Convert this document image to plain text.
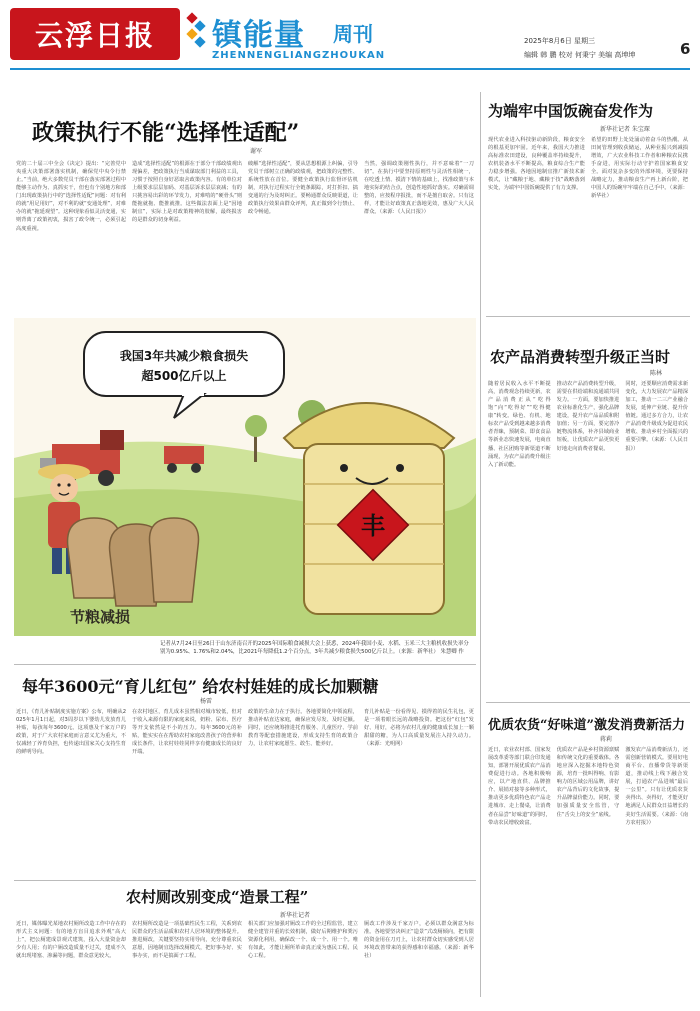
云浮日报 镇能量 周刊
ZHENNENGLIANGZHOUKAN
2025年8月6日 星期三
编辑 韩 鹏 校对 何秉宁 美编 高坤坤	6
政策执行不能“选择性适配”
谢军
党的二十届三中全会《决定》提出：“完善党中央重大决策部署落实机制，确保党中央令行禁止。”当前，绝大多数党员干部在落实部署过程中能够主动作为、真抓实干，但也有个别地方和部门出现政策执行中的“选择性适配”问题：对有利的就“用足用好”，对不利的就“变通处理”，对难办的就“拖延观望”。这种现象看似灵活变通，实则背离了政策初衷，损害了政令统一，必须引起高度重视。
造成“选择性适配”的根源在于部分干部政绩观出现偏差，把政策执行当成谋取部门利益的工具，习惯于按照自身好恶取舍政策内容。有的单位对上级要求层层加码、对基层诉求层层衰减；有的只挑容易出彩的环节发力，对难啃的“硬骨头”则能拖就拖、能推就推。这些做法表面上是“因地制宜”，实际上是对政策精神的肢解，最终损害的是群众的切身利益。
破解“选择性适配”，要从思想根源上纠偏，引导党员干部树立正确的政绩观，把政策的完整性、系统性放在首位。要健全政策执行监督评估机制，对执行过程实行全链条跟踪，对打折扣、搞变通的行为及时纠正。要畅通群众反映渠道，让政策执行效果由群众评判，真正做到令行禁止、政令畅通。
当然，强调政策刚性执行，并不意味着“一刀切”。在执行中要坚持原则性与灵活性相统一，在吃透上情、摸清下情的基础上，找准政策与本地实际的结合点，创造性地抓好落实。对确需调整的，应按程序报批，而不是擅自取舍。只有这样，才能让好政策真正落地见效，惠及广大人民群众。（来源：《人民日报》）
为端牢中国饭碗奋发作为
新华社记者 朱宝琛
现代农业进入科技驱动新阶段，粮食安全的根基更加牢固。近年来，我国大力推进高标准农田建设，良种覆盖率持续提升，农机装备水平不断提高，粮食综合生产能力稳步增强。各地因地制宜推广新技术新模式，让“藏粮于地、藏粮于技”战略落到实处，为端牢中国饭碗提供了有力支撑。
希望的田野上处处涌动着奋斗的热潮。从田间管理到收获储运，从种业振兴到减损增效，广大农业科技工作者和种粮农民携手奋进，用实际行动守护着国家粮食安全。面对复杂多变的外部环境，更要保持战略定力，推动粮食生产再上新台阶，把中国人的饭碗牢牢端在自己手中。（来源：新华社）
农产品消费转型升级正当时
陈林
随着居民收入水平不断提高，消费观念持续更新，农产品消费正从“吃得饱”向“吃得好”“吃得健康”转变。绿色、有机、地标农产品受到越来越多消费者青睐，预制菜、即食食品等新业态快速发展，电商直播、社区团购等新渠道不断涌现，为农产品消费升级注入了新动能。
推动农产品消费转型升级，需要在供给端和流通端共同发力。一方面，要加快推进农业标准化生产，强化品牌建设，提升农产品品质和附加值；另一方面，要完善冷链物流体系，补齐县域商业短板，让优质农产品更快更好地走向消费者餐桌。
同时，还要顺应消费需求新变化，大力发展农产品精深加工，推动一二三产业融合发展，延伸产业链、提升价值链。通过多方合力，让农产品消费升级成为促进农民增收、推动乡村全面振兴的重要引擎。（来源：《人民日报》）
我国3年共减少粮食损失
超500亿斤以上
丰
节粮减损
记者从7月24日至26日于山东济南召开的2025年国际粮食减损大会上获悉，2024年我国小麦、水稻、玉米三大主粮机收损失率分别为0.95%、1.76%和2.04%，比2021年每降低1.2个百分点，3年共减少粮食损失500亿斤以上。（来源：新华社） 朱慧卿 作
每年3600元“育儿红包” 给农村娃娃的成长加颗糖
杨雷
近日，《育儿补贴制度实施方案》公布，明确从2025年1月1日起，对3周岁以下婴幼儿发放育儿补贴，每孩每年3600元。这项惠及千家万户的政策，对于广大农村家庭而言意义尤为重大，不仅减轻了养育负担，也传递出国家关心支持生育的鲜明导向。
在农村地区，育儿成本虽然相对城市较低，但对于收入来源有限的家庭来说，奶粉、尿布、医疗等开支依然是不小的压力。每年3600元的补贴，能实实在在帮助农村家庭改善孩子的营养和成长条件，让农村娃娃同样享有健康成长的良好开端。
政策的生命力在于执行。各地要简化申领流程，推动补贴直达家庭，确保应发尽发、及时足额。同时，还应统筹推进托育服务、儿童医疗、学前教育等配套措施建设，形成支持生育的政策合力，让农村家庭愿生、敢生、能养好。
育儿补贴是一份看得见、摸得着的民生礼包，更是一项着眼长远的战略投资。把这份“红包”发好、用好，必将为农村儿童的健康成长加上一颗甜甜的糖，为人口高质量发展注入持久动力。（来源：光明网）
优质农货“好味道”激发消费新活力
蒋莉
近日，农业农村部、国家发展改革委等部门联合印发通知，部署开展优质农产品消费促进行动。各地积极响应，以产地直供、品牌推介、展销对接等多种形式，推动更多优质特色农产品走进城市、走上餐桌，让消费者在品尝“好味道”的同时，带动农民增收致富。
优质农产品是乡村资源禀赋和传统文化的重要载体。各地应深入挖掘本地特色资源，培育一批叫得响、有影响力的区域公用品牌，讲好农产品背后的文化故事，提升品牌溢价能力。同时，要加强质量安全监管，守住“舌尖上的安全”底线。
激发农产品消费新活力，还需创新营销模式。要用好电商平台、直播带货等新渠道，推动线上线下融合发展，打通农产品进城“最后一公里”。只有让优质农货卖得出、卖得好，才能更好地满足人民群众日益增长的美好生活需要。（来源：《南方农村报》）
农村厕改别变成“造景工程”
新华社记者
近日，媒体曝光某地农村厕所改造工作中存在的形式主义问题：有的地方盲目追求外观“高大上”，把公厕建成景观式建筑，投入大量资金却少有人用；有的户厕改造质量不过关，建成不久就出现堵塞、渗漏等问题，群众意见较大。
农村厕所改造是一项基础性民生工程，关系到农民群众的生活品质和农村人居环境的整体提升。推进厕改，关键要坚持实用导向，充分尊重农民意愿，因地制宜选择改厕模式，把好事办好、实事办实，而不是搞面子工程。
相关部门应加强对厕改工作的全过程监管，建立健全建管并重的长效机制，做好后期维护和粪污资源化利用，确保改一个、成一个、用一个。唯有如此，才能让厕所革命真正成为惠民工程、民心工程。
厕改工作涉及千家万户，必须以群众满意为标准。各地要坚决纠正“造景”式改厕倾向，把有限的资金用在刀刃上，让农村群众切实感受到人居环境改善带来的获得感和幸福感。（来源：新华社）
